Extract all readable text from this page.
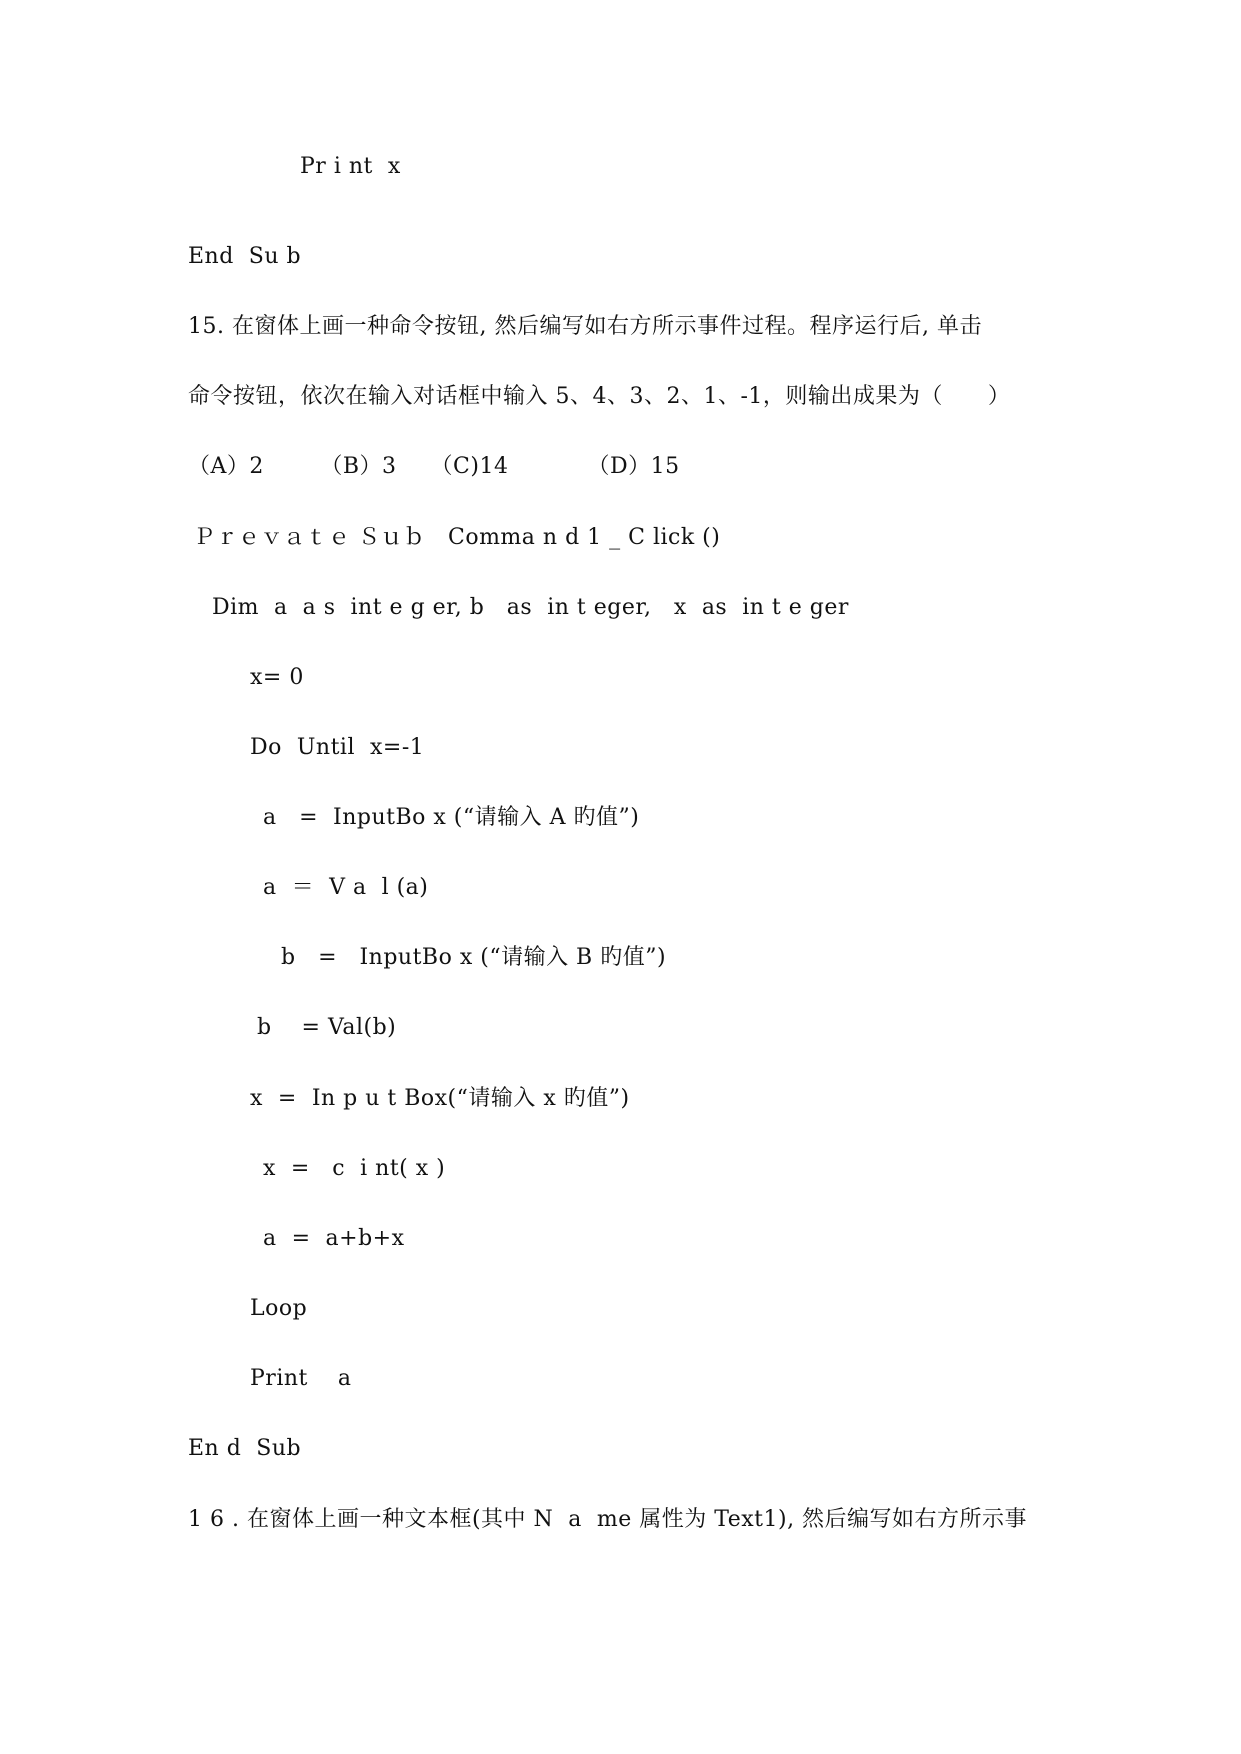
Pr i nt  x
End  Su b
15. 在窗体上画一种命令按钮, 然后编写如右方所示事件过程。程序运行后, 单击
命令按钮，依次在输入对话框中输入 5、4、3、2、1、-1，则输出成果为（　　）
（A）2　　　（B）3　　（C)14　　　　（D）15
Ｐｒｅｖａｔｅ Ｓｕｂ　Comma n d 1 _ C lick ()
Dim  a  a s  int e g er, b   as  in t eger,   x  as  in t e ger
x= 0
Do  Until  x=-1
a   =  InputBo x (“请输入 A 旳值”)
a  ＝  V a  l (a)
b   =   InputBo x (“请输入 B 旳值”)
b    = Val(b)
x  =  In p u t Box(“请输入 x 旳值”)
x  =   c  i nt( x )
a  =  a+b+x
Loop
Print    a
En d  Sub
1 6 . 在窗体上画一种文本框(其中 N  a  me 属性为 Text1), 然后编写如右方所示事
